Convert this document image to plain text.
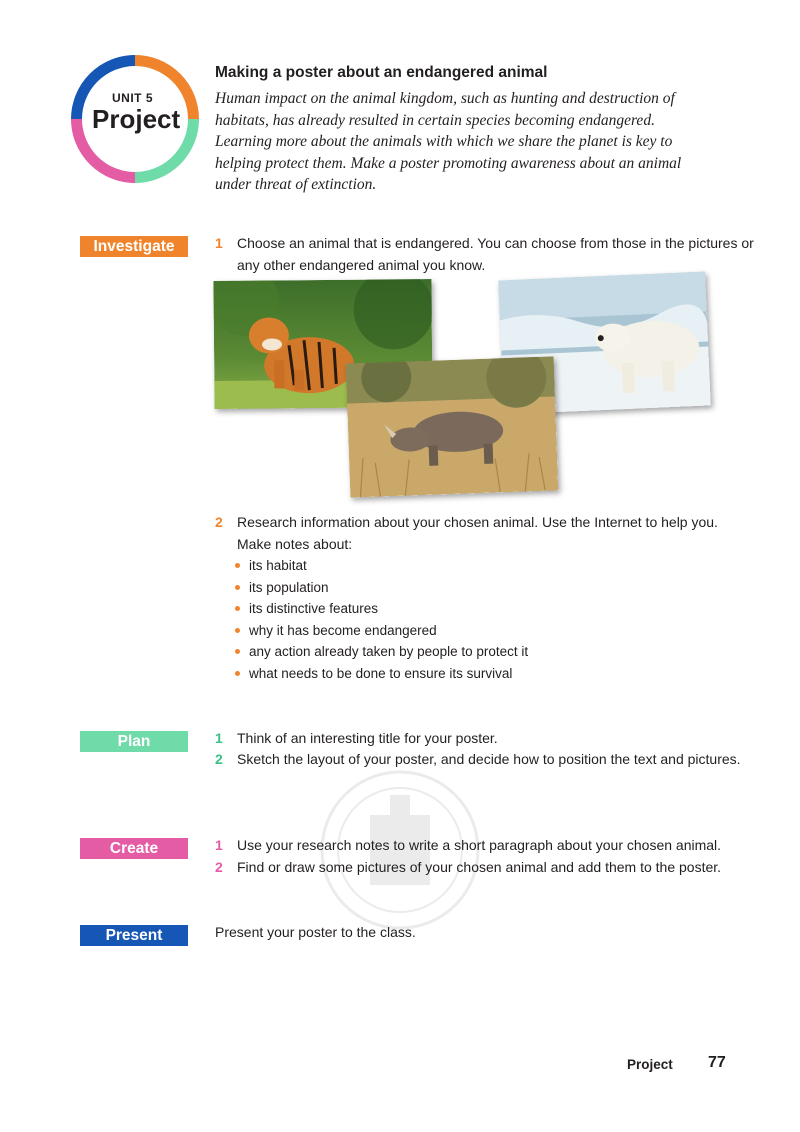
UNIT 5
Project
Making a poster about an endangered animal
Human impact on the animal kingdom, such as hunting and destruction of habitats, has already resulted in certain species becoming endangered. Learning more about the animals with which we share the planet is key to helping protect them. Make a poster promoting awareness about an animal under threat of extinction.
Investigate	1	Choose an animal that is endangered. You can choose from those in the pictures or any other endangered animal you know.
2	Research information about your chosen animal. Use the Internet to help you. Make notes about:
its habitat
its population
its distinctive features
why it has become endangered
any action already taken by people to protect it
what needs to be done to ensure its survival
Plan	1	Think of an interesting title for your poster.
2	Sketch the layout of your poster, and decide how to position the text and pictures.
Create	1	Use your research notes to write a short paragraph about your chosen animal.
2	Find or draw some pictures of your chosen animal and add them to the poster.
Present	Present your poster to the class.
Project 77
